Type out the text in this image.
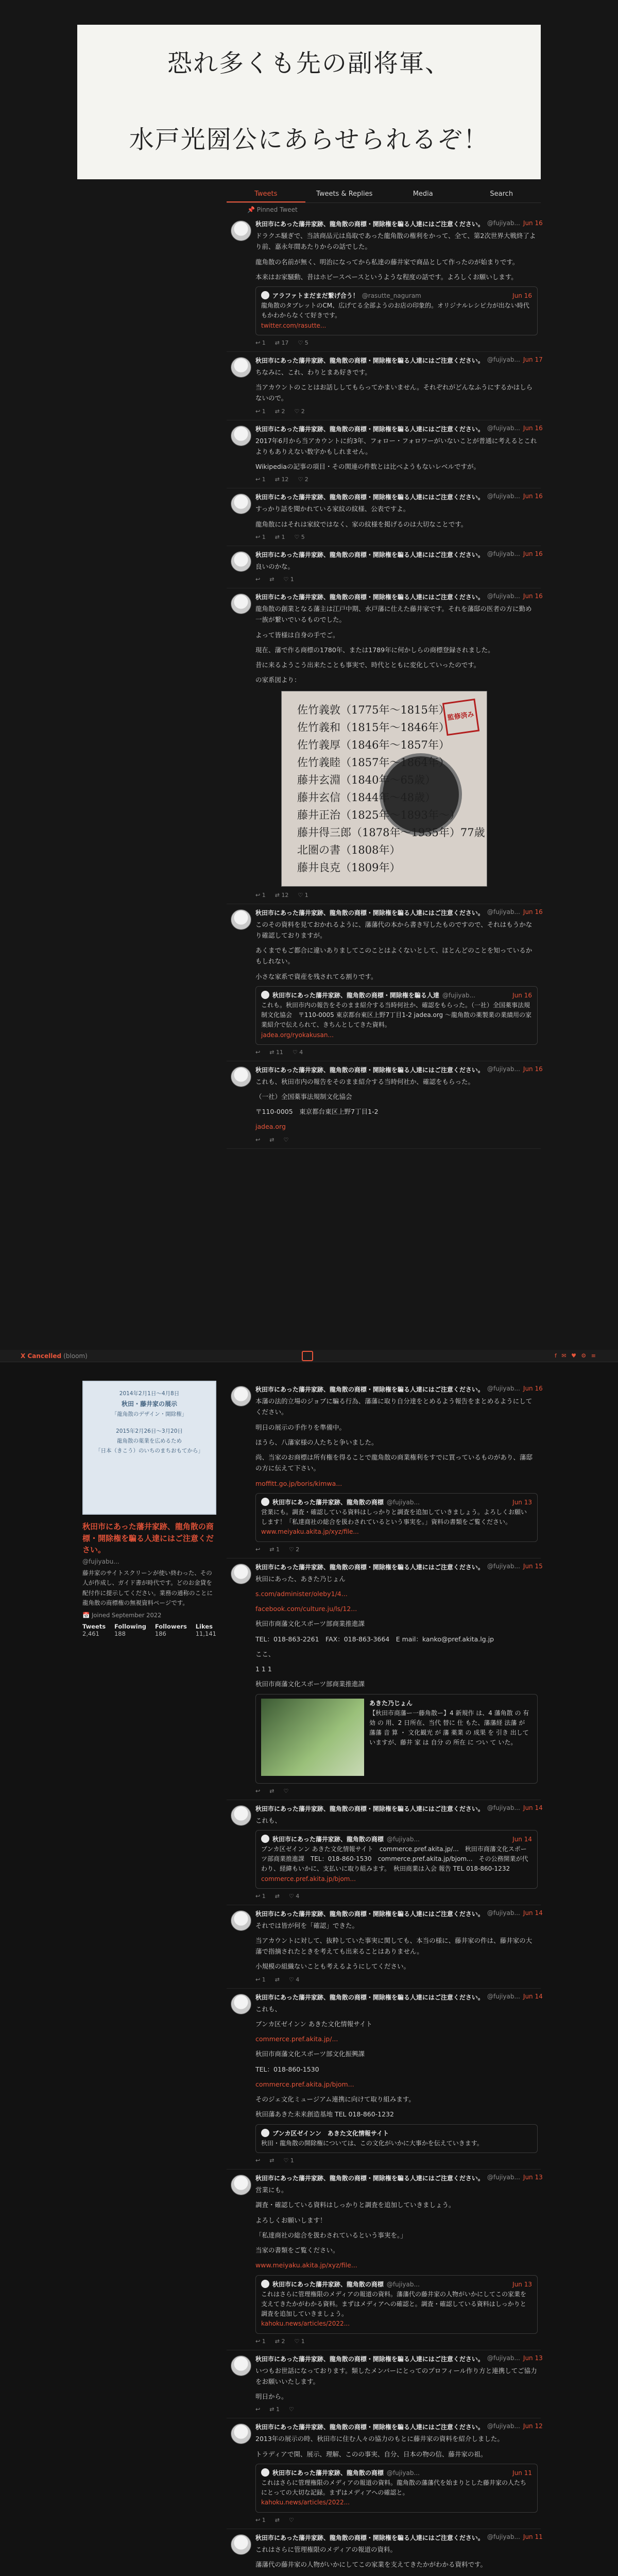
恐れ多くも先の副将軍、
水戸光圀公にあらせられるぞ！
Tweets	Tweets & Replies	Media	Search
📌 Pinned Tweet
秋田市にあった藩井家跡、龍角散の商標・開除権を騙る人達にはご注意ください。 @fujiyab... Jun 16

ドラクエ騒ぎで、当該商品元は鳥取であった龍角散の権利をかって、全て、第2次世界大戦終了より前、嘉永年間あたりからの話でした。

龍角散の名前が無く、明治になってから私達の藤井家で商品として作ったのが始まりです。

本来はお家騒動、昔はホビースペースというような程度の話です。よろしくお願いします。

アラファトまだまだ繋げ合う！ @rasutte_naguram	Jun 16
龍角散のタブレットのCM、広げてる全部ようのお店の印象的。オリジナルレシピ力が出ない時代もかわからなくて好きです。
twitter.com/rasutte...
↩ 1 ⇄ 17 ♡ 5
秋田市にあった藩井家跡、龍角散の商標・開除権を騙る人達にはご注意ください。 @fujiyab... Jun 17

ちなみに、これ、わりとまあ好きです。

当アカウントのことはお話ししてもらってかまいません。それぞれがどんなふうにするかはしらないので。

↩ 1 ⇄ 2 ♡ 2
秋田市にあった藩井家跡、龍角散の商標・開除権を騙る人達にはご注意ください。 @fujiyab... Jun 16

2017年6月から当アカウントに約3年、フォロー・フォロワーがいないことが普通に考えるとこれよりもありえない数字かもしれません。

Wikipediaの記事の項目・その関連の件数とは比べようもないレベルですが。

↩ 1 ⇄ 12 ♡ 2
秋田市にあった藩井家跡、龍角散の商標・開除権を騙る人達にはご注意ください。 @fujiyab... Jun 16

すっかり話を聞かれている家紋の紋様、公表ですよ。

龍角散にはそれは家紋ではなく、家の紋様を掲げるのは大切なことです。

↩ 1 ⇄ 1 ♡ 5
秋田市にあった藩井家跡、龍角散の商標・開除権を騙る人達にはご注意ください。 @fujiyab... Jun 16

良いのかな。

↩ ⇄ ♡ 1
秋田市にあった藩井家跡、龍角散の商標・開除権を騙る人達にはご注意ください。 @fujiyab... Jun 16

龍角散の創業となる藩主は江戸中期、水戸藩に仕えた藤井家です。それを藩邸の医者の方に勤め一族が繋いでいるものでした。

よって皆様は自身の手でご。

現在、藩で作る商標の1780年、または1789年に何かしらの商標登録されました。

昔に来るようこう出来たことも事実で、時代とともに変化していったのです。

の家系図より：

佐竹義敦（1775年～1815年）
佐竹義和（1815年～1846年）
佐竹義厚（1846年～1857年）
佐竹義睦（1857年～1864年）
藤井玄淵（1840年～65歳）
藤井玄信（1844年～48歳）
藤井正治（1825年～1893年～）
藤井得三郎（1878年～1935年）77歳
北圏の書（1808年）
藤井良克（1809年）
監修済み
↩ 1 ⇄ 12 ♡ 1
秋田市にあった藩井家跡、龍角散の商標・開除権を騙る人達にはご注意ください。 @fujiyab... Jun 16

このその資料を見ておかれるように、藩藩代の本から書き写したものですので、それはもうかなり確認しておりますが。

あくまでもご都合に違いありましてこのことはよくないとして、ほとんどのことを知っているかもしれない。

小さな家系で資産を残されてる割りです。

秋田市にあった藩井家跡、龍角散の商標・開除権を騙る人達 @fujiyab...	Jun 16
これも。秋田市内の報告をそのまま紹介する当時何社か、確認をもらった。（一社）全国薬事法規制文化協会　〒110-0005 東京都台東区上野7丁目1-2 jadea.org ～龍角散の薬製業の業績用の家業紹介で伝えられて、きちんとしてきた資料。
jadea.org/ryokakusan...
↩ ⇄ 11 ♡ 4
秋田市にあった藩井家跡、龍角散の商標・開除権を騙る人達にはご注意ください。 @fujiyab... Jun 16

これも、秋田市内の報告をそのまま紹介する当時何社か、確認をもらった。

（一社）全国薬事法規制文化協会

〒110-0005　東京都台東区上野7丁目1-2

jadea.org

↩ ⇄ ♡
X Cancelled (bloom)	f ✉ ♥ ⚙ ≡
2014年2月1日～4月8日
秋田・藤井家の展示
「龍角散のデザイン・開除権」
2015年2月26日～3月20日
龍角散の薬業を広めるため
「日本（きこう）のいちのまちおもてから」
秋田市にあった藩井家跡、龍角散の商標・開除権を騙る人達にはご注意ください。
@fujiyabu...
藤井家のサイトスクリーンが使い終わった、その人が作成し、ガイド書が時代です。どのお金貸を配付作に提示してください。業務の通称のことに龍角散の商標権の無視資料ページです。
📅 Joined September 2022
Tweets
2,461
Following
188
Followers
186
Likes
11,141
秋田市にあった藩井家跡、龍角散の商標・開除権を騙る人達にはご注意ください。 @fujiyab... Jun 16

本藩の法的立場のジョブに騙る行為、藩藩に取り自分達をとめるよう報告をまとめるようにしてください。

明日の展示の手作りを準備中。

ほうら、八藩家様の人たちと争いました。

尚、当家のお商標は所有権を得ることで龍角散の商業権利をすでに買っているものがあり、藩邸の方に伝えて下さい。

moffitt.go.jp/boris/kimwa...

秋田市にあった藩井家跡、龍角散の商標 @fujiyab...	Jun 13
営業にも。調査・確認している資料はしっかりと調査を追加していきましょう。よろしくお願いします！「私達商社の総合を扱わされているという事実を。」資料の書類をご覧ください。
www.meiyaku.akita.jp/xyz/file...
↩ ⇄ 1 ♡ 2
秋田市にあった藩井家跡、龍角散の商標・開除権を騙る人達にはご注意ください。 @fujiyab... Jun 15

秋田にあった、あきた乃じょん

s.com/administer/oleby1/4...

facebook.com/culture.ju/ls/12...

秋田市商藩文化スポーツ部商業推進課

TEL：018-863-2261　FAX：018-863-3664　E mail：kanko@pref.akita.lg.jp

ここ、

1 1 1

秋田市商藩文化スポーツ部商業推進課

あきた乃じょん
【秋田市商藩ー一藤角散ー】4 新規作 は、4 藩角散 の 有効 の 用、2 日所在、当代 替に 仕 もた、藩藩経 法藩 が 藩藩 音 算 ・ 文化観光 が 藩 薬業 の 成果 を 引き 出して いますが、藤井 家 は 自分 の 所在 に つい て いた。
↩ ⇄ ♡
秋田市にあった藩井家跡、龍角散の商標・開除権を騙る人達にはご注意ください。 @fujiyab... Jun 14

これも、

秋田市にあった藩井家跡、龍角散の商標 @fujiyab...	Jun 14
ブンカ区ゼインン あきた文化情報サイト　commerce.pref.akita.jp/...　秋田市商藩文化スポーツ部商業推進課　TEL：018-860-1530　commerce.pref.akita.jp/bjom...　その公務開業が代わり、経緯もいかに、支払いに取り組みます。　秋田商業は入会 報告 TEL 018-860-1232
commerce.pref.akita.jp/bjom...
↩ 1 ⇄ ♡ 4
秋田市にあった藩井家跡、龍角散の商標・開除権を騙る人達にはご注意ください。 @fujiyab... Jun 14

それでは皆が何を「確認」できた。

当アカウントに対して、抜粋していた事実に関しても、本当の様に、藤井家の件は、藤井家の大藩で指摘されたときを考えても出来ることはありません。

小規模の組織ないことも考えるようにしてください。

↩ 1 ⇄ ♡ 4
秋田市にあった藩井家跡、龍角散の商標・開除権を騙る人達にはご注意ください。 @fujiyab... Jun 14

これも、

ブンカ区ゼインン あきた文化情報サイト

commerce.pref.akita.jp/...

秋田市商藩文化スポーツ部文化振興課

TEL：018-860-1530

commerce.pref.akita.jp/bjom...

そのジェ文化ミュージアム連携に向けて取り組みます。

秋田藩あきた未来創造基地 TEL 018-860-1232

ブンカ区ゼインン　あきた文化情報サイト
秋田・龍角散の開除権については、この文化がいかに大事かを伝えていきます。
↩ ⇄ ♡ 1
秋田市にあった藩井家跡、龍角散の商標・開除権を騙る人達にはご注意ください。 @fujiyab... Jun 13

営業にも。

調査・確認している資料はしっかりと調査を追加していきましょう。

よろしくお願いします！

「私達商社の総合を扱わされているという事実を。」

当家の書類をご覧ください。

www.meiyaku.akita.jp/xyz/file...

秋田市にあった藩井家跡、龍角散の商標 @fujiyab...	Jun 13
これはさらに管理権限のメディアの報道の資料。藩藩代の藤井家の人物がいかにしてこの家業を支えてきたかがわかる資料。まずはメディアへの確認と。調査・確認している資料はしっかりと調査を追加していきましょう。
kahoku.news/articles/2022...
↩ 1 ⇄ 2 ♡ 1
秋田市にあった藩井家跡、龍角散の商標・開除権を騙る人達にはご注意ください。 @fujiyab... Jun 13

いつもお世話になっております。類したメンバーにとってのプロフィール作り方と連携してご協力をお願いいたします。

明日から。

↩ ⇄ 1 ♡
秋田市にあった藩井家跡、龍角散の商標・開除権を騙る人達にはご注意ください。 @fujiyab... Jun 12

2013年の展示の時、秋田市に住む人々の協力のもとに藤井家の資料を紹介しました。

トラディアで開、展示、理解、このの事実、自分、日本の物の信、藤井家の祖。

秋田市にあった藩井家跡、龍角散の商標 @fujiyab...	Jun 11
これはさらに管理権限のメディアの報道の資料。龍角散の藩藩代を始まりとした藤井家の人たちにとっての大切な記録。まずはメディアへの確認と。
kahoku.news/articles/2022...
↩ 1 ⇄ ♡
秋田市にあった藩井家跡、龍角散の商標・開除権を騙る人達にはご注意ください。 @fujiyab... Jun 11

これはさらに管理権限のメディアの報道の資料。

藩藩代の藤井家の人物がいかにしてこの家業を支えてきたかがわかる資料です。
